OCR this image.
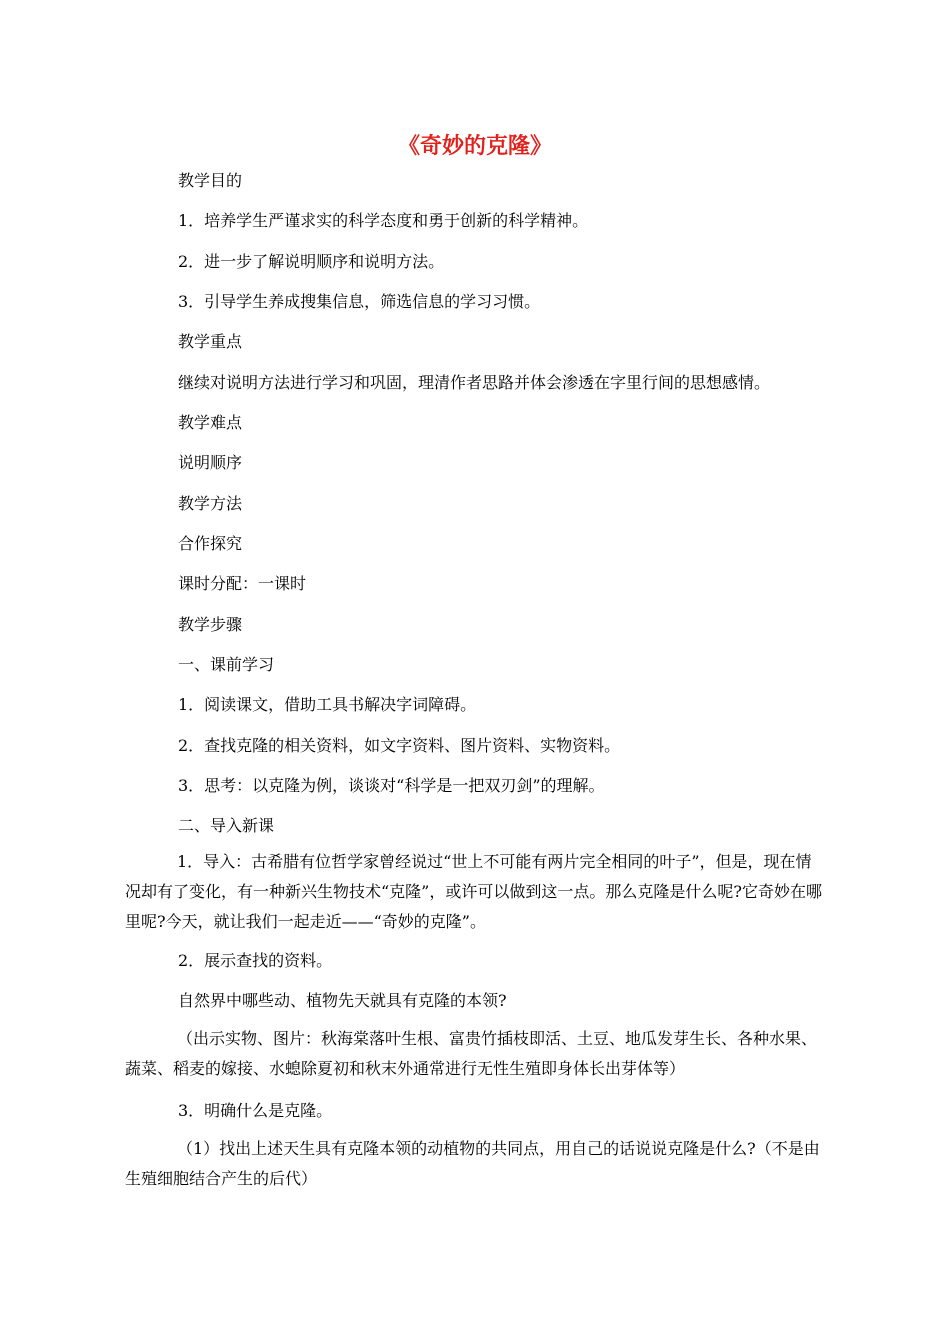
《奇妙的克隆》
教学目的
1．培养学生严谨求实的科学态度和勇于创新的科学精神。
2．进一步了解说明顺序和说明方法。
3．引导学生养成搜集信息，筛选信息的学习习惯。
教学重点
继续对说明方法进行学习和巩固，理清作者思路并体会渗透在字里行间的思想感情。
教学难点
说明顺序
教学方法
合作探究
课时分配：一课时
教学步骤
一、课前学习
1．阅读课文，借助工具书解决字词障碍。
2．查找克隆的相关资料，如文字资料、图片资料、实物资料。
3．思考：以克隆为例，谈谈对“科学是一把双刃剑”的理解。
二、导入新课
1．导入：古希腊有位哲学家曾经说过“世上不可能有两片完全相同的叶子”，但是，现在情况却有了变化，有一种新兴生物技术“克隆”，或许可以做到这一点。那么克隆是什么呢?它奇妙在哪里呢?今天，就让我们一起走近——“奇妙的克隆”。
2．展示查找的资料。
自然界中哪些动、植物先天就具有克隆的本领?
（出示实物、图片：秋海棠落叶生根、富贵竹插枝即活、土豆、地瓜发芽生长、各种水果、蔬菜、稻麦的嫁接、水螅除夏初和秋末外通常进行无性生殖即身体长出芽体等）
3．明确什么是克隆。
（1）找出上述天生具有克隆本领的动植物的共同点，用自己的话说说克隆是什么?（不是由生殖细胞结合产生的后代）
